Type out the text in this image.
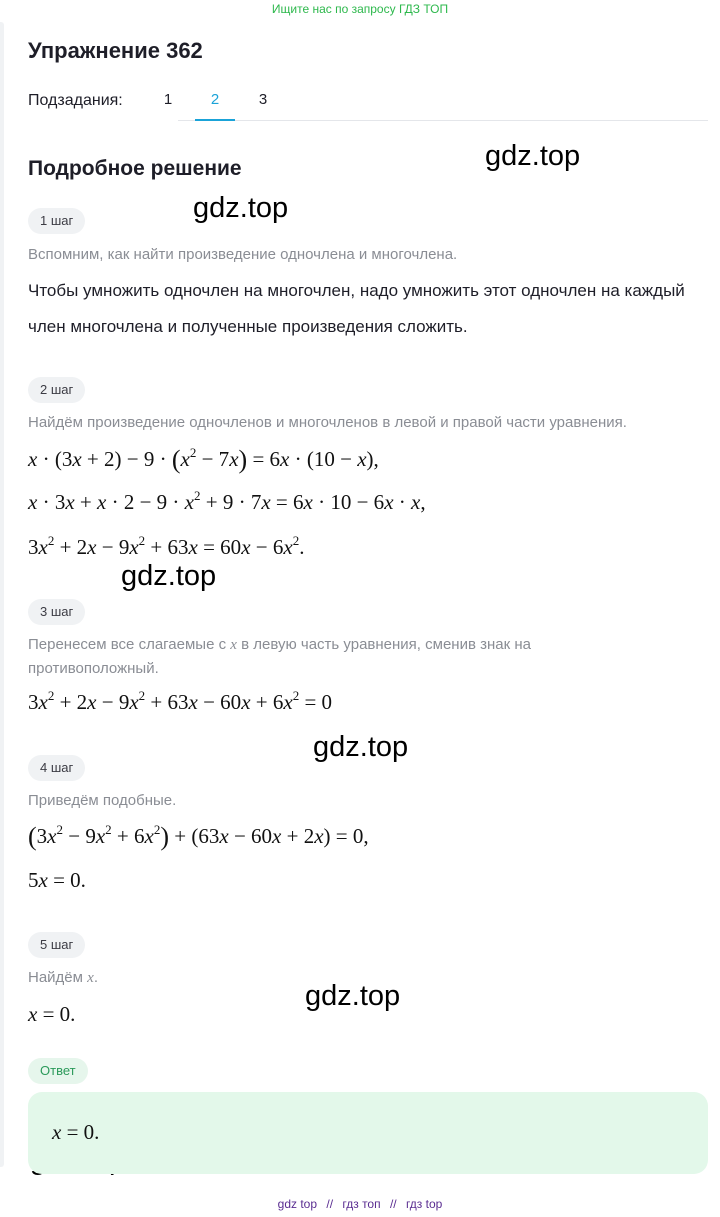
Ищите нас по запросу ГДЗ ТОП
Упражнение 362
Подзадания:	1	2	3
Подробное решение	gdz.top
gdz.top
gdz.top
gdz.top
gdz.top
1 шаг
Вспомним, как найти произведение одночлена и многочлена.
Чтобы умножить одночлен на многочлен, надо умножить этот одночлен на каждый член многочлена и полученные произведения сложить.
2 шаг
Найдём произведение одночленов и многочленов в левой и правой части уравнения.
$x \cdot (3x + 2) - 9 \cdot (x^2 - 7x) = 6x \cdot (10 - x)$,
$x \cdot 3x + x \cdot 2 - 9 \cdot x^2 + 9 \cdot 7x = 6x \cdot 10 - 6x \cdot x$,
$3x^2 + 2x - 9x^2 + 63x = 60x - 6x^2$.
3 шаг
Перенесем все слагаемые с x в левую часть уравнения, сменив знак на противоположный.
$3x^2 + 2x - 9x^2 + 63x - 60x + 6x^2 = 0$
4 шаг
Приведём подобные.
$(3x^2 - 9x^2 + 6x^2) + (63x - 60x + 2x) = 0$,
5x = 0.
5 шаг
Найдём x.
x = 0.
Ответ
x = 0.
gdz top // гдз топ // гдз top
